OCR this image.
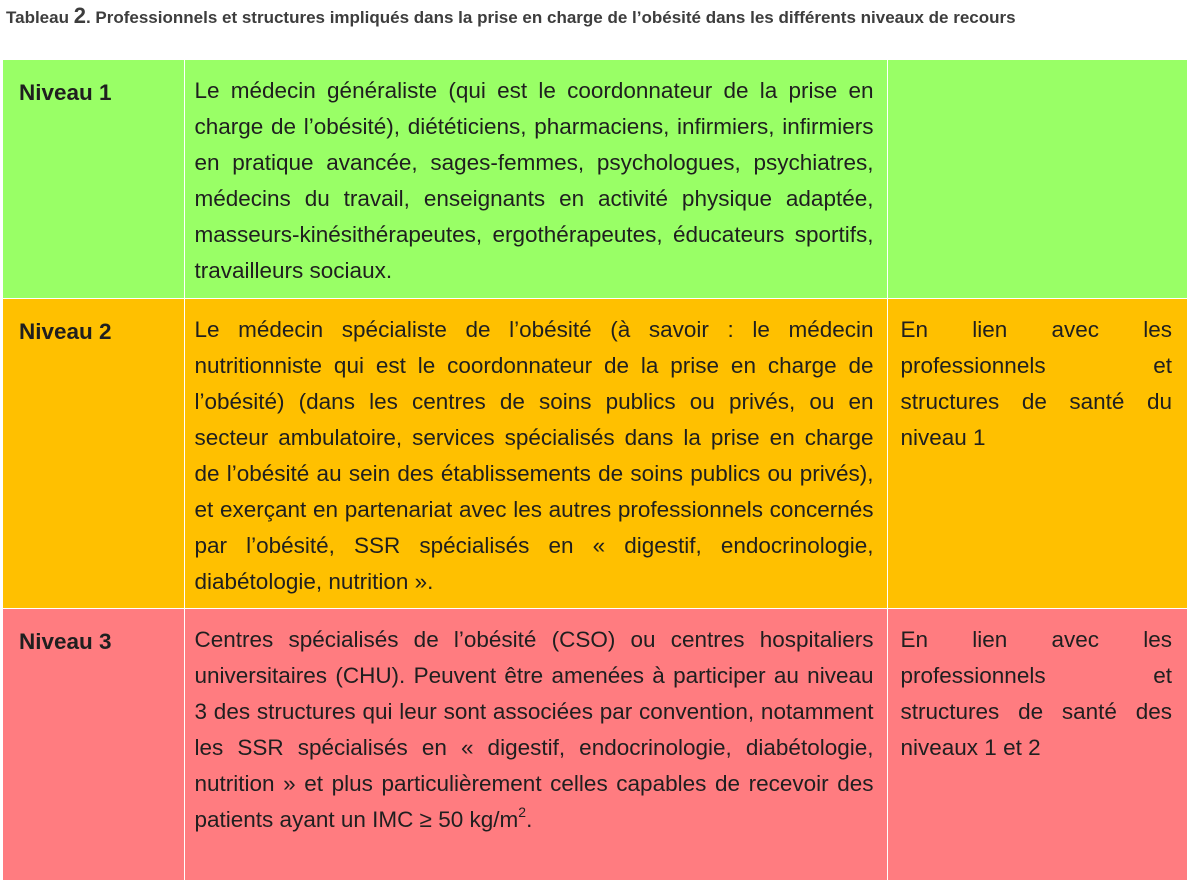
Tableau 2. Professionnels et structures impliqués dans la prise en charge de l’obésité dans les différents niveaux de recours
Niveau 1	Le médecin généraliste (qui est le coordonnateur de la prise en charge de l’obésité), diététiciens, pharmaciens, infirmiers, infirmiers en pratique avancée, sages-femmes, psychologues, psychiatres, médecins du travail, enseignants en activité physique adaptée, masseurs-kinésithérapeutes, ergothérapeutes, éducateurs sportifs, travailleurs sociaux.	
Niveau 2	Le médecin spécialiste de l’obésité (à savoir : le médecin nutritionniste qui est le coordonnateur de la prise en charge de l’obésité) (dans les centres de soins publics ou privés, ou en secteur ambulatoire, services spécialisés dans la prise en charge de l’obésité au sein des établissements de soins publics ou privés), et exerçant en partenariat avec les autres professionnels concernés par l’obésité, SSR spécialisés en « digestif, endocrinologie, diabétologie, nutrition ».	En lien avec les professionnels et structures de santé du niveau 1
Niveau 3	Centres spécialisés de l’obésité (CSO) ou centres hospitaliers universitaires (CHU). Peuvent être amenées à participer au niveau 3 des structures qui leur sont associées par convention, notamment les SSR spécialisés en « digestif, endocrinologie, diabétologie, nutrition » et plus particulièrement celles capables de recevoir des patients ayant un IMC ≥ 50 $kg/m^2$.	En lien avec les professionnels et structures de santé des niveaux 1 et 2
